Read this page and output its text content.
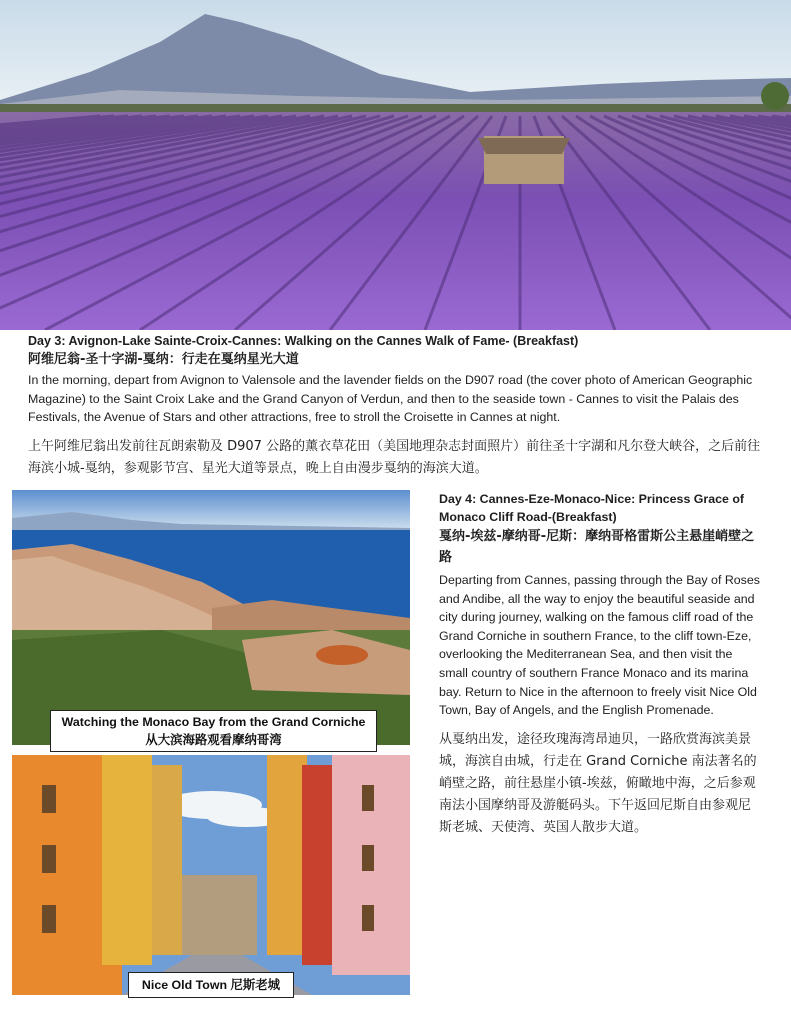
Day 3: Avignon-Lake Sainte-Croix-Cannes: Walking on the Cannes Walk of Fame- (Breakfast)
阿维尼翁-圣十字湖-戛纳：行走在戛纳星光大道

In the morning, depart from Avignon to Valensole and the lavender fields on the D907 road (the cover photo of American Geographic Magazine) to the Saint Croix Lake and the Grand Canyon of Verdun, and then to the seaside town - Cannes to visit the Palais des Festivals, the Avenue of Stars and other attractions, free to stroll the Croisette in Cannes at night.

上午阿维尼翁出发前往瓦朗索勒及 D907 公路的薰衣草花田（美国地理杂志封面照片）前往圣十字湖和凡尔登大峡谷，之后前往海滨小城-戛纳，参观影节宫、星光大道等景点，晚上自由漫步戛纳的海滨大道。

Watching the Monaco Bay from the Grand Corniche
从大滨海路观看摩纳哥湾
Nice Old Town 尼斯老城
Day 4: Cannes-Eze-Monaco-Nice: Princess Grace of Monaco Cliff Road-(Breakfast)
戛纳-埃兹-摩纳哥-尼斯：摩纳哥格雷斯公主悬崖峭壁之路

Departing from Cannes, passing through the Bay of Roses and Andibe, all the way to enjoy the beautiful seaside and city during journey, walking on the famous cliff road of the Grand Corniche in southern France, to the cliff town-Eze, overlooking the Mediterranean Sea, and then visit the small country of southern France Monaco and its marina bay. Return to Nice in the afternoon to freely visit Nice Old Town, Bay of Angels, and the English Promenade.

从戛纳出发，途径玫瑰海湾昂迪贝，一路欣赏海滨美景城，海滨自由城，行走在 Grand Corniche 南法著名的峭壁之路，前往悬崖小镇-埃兹，俯瞰地中海，之后参观南法小国摩纳哥及游艇码头。下午返回尼斯自由参观尼斯老城、天使湾、英国人散步大道。
